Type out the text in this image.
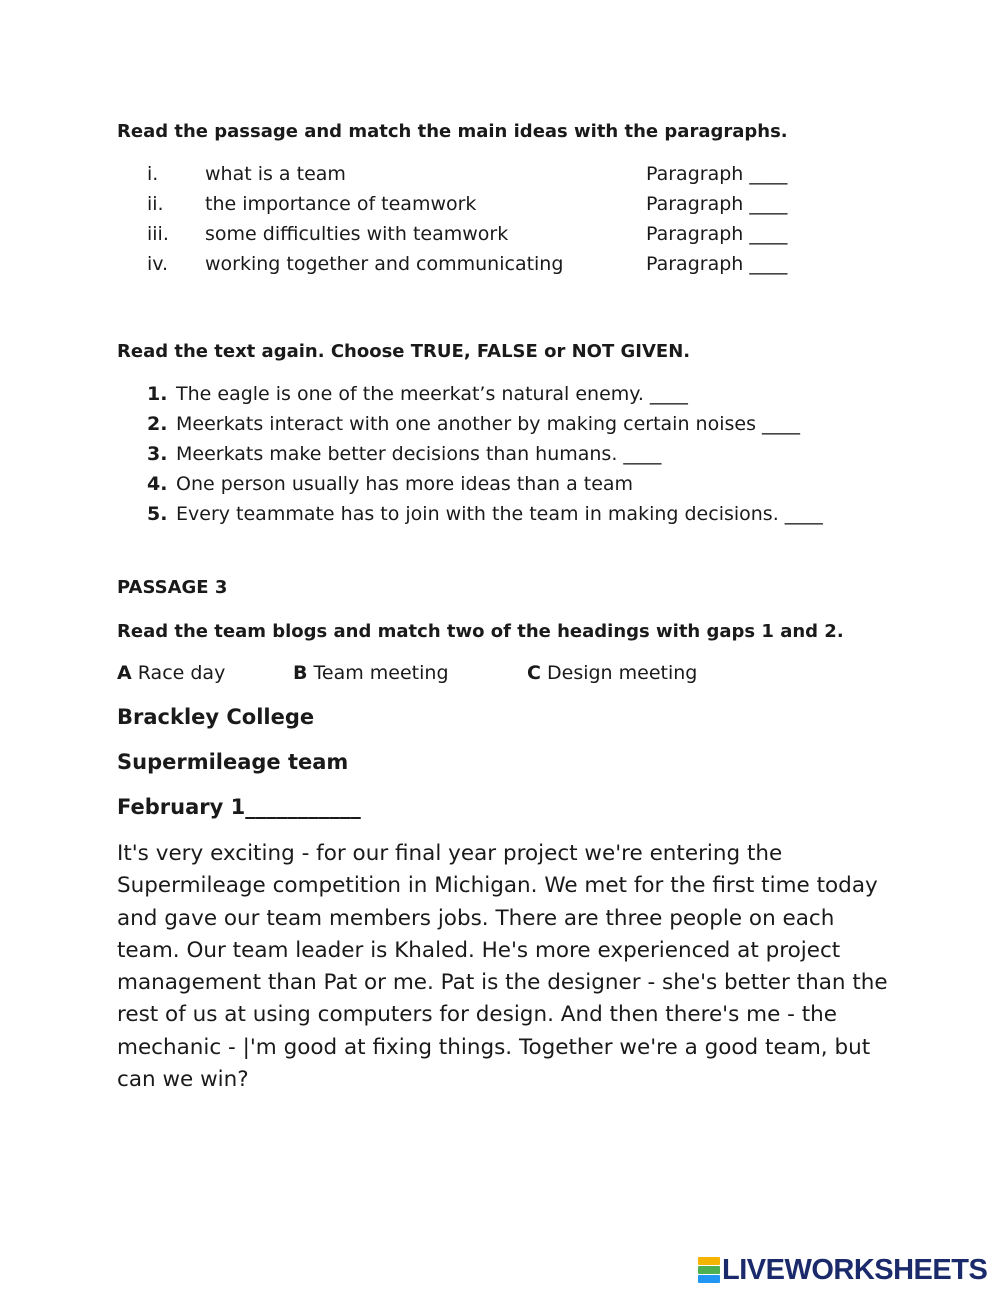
Read the passage and match the main ideas with the paragraphs.
i. what is a team	Paragraph ____
ii. the importance of teamwork	Paragraph ____
iii. some difficulties with teamwork	Paragraph ____
iv. working together and communicating	Paragraph ____
Read the text again. Choose TRUE, FALSE or NOT GIVEN.
1. The eagle is one of the meerkat’s natural enemy. ____
2. Meerkats interact with one another by making certain noises ____
3. Meerkats make better decisions than humans. ____
4. One person usually has more ideas than a team
5. Every teammate has to join with the team in making decisions. ____
PASSAGE 3
Read the team blogs and match two of the headings with gaps 1 and 2.
A Race day	B Team meeting	C Design meeting
Brackley College
Supermileage team
February 1___________
It's very exciting - for our final year project we're entering the Supermileage competition in Michigan. We met for the first time today and gave our team members jobs. There are three people on each team. Our team leader is Khaled. He's more experienced at project management than Pat or me. Pat is the designer - she's better than the rest of us at using computers for design. And then there's me - the mechanic - |'m good at fixing things. Together we're a good team, but can we win?
LIVEWORKSHEETS
